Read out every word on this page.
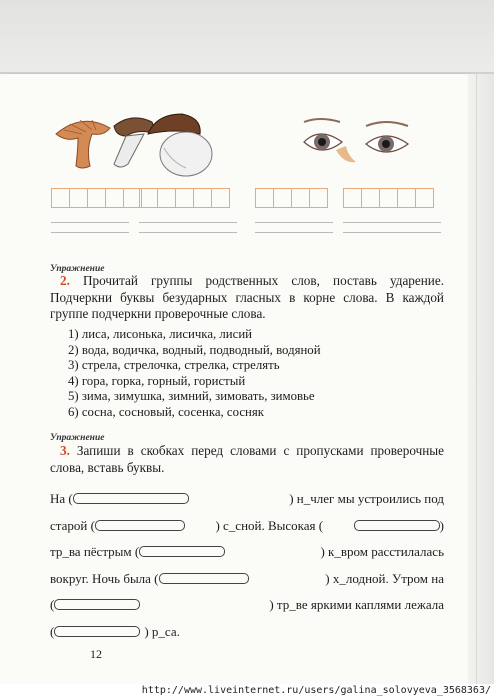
Упражнение
2. Прочитай группы родственных слов, поставь ударение. Подчеркни буквы безударных гласных в корне слова. В каждой группе подчеркни проверочные слова.
1) лиса, лисонька, лисичка, лисий
2) вода, водичка, водный, подводный, водяной
3) стрела, стрелочка, стрелка, стрелять
4) гора, горка, горный, гористый
5) зима, зимушка, зимний, зимовать, зимовье
6) сосна, сосновый, сосенка, сосняк
Упражнение
3. Запиши в скобках перед словами с пропусками проверочные слова, вставь буквы.
На (	) н_члег мы устроились под
старой (	) с_сной. Высокая (	)
тр_ва пёстрым (	) к_вром расстилалась
вокруг. Ночь была (	) х_лодной. Утром на
(	) тр_ве яркими каплями лежала
(	) р_са.
12
http://www.liveinternet.ru/users/galina_solovyeva_3568363/
